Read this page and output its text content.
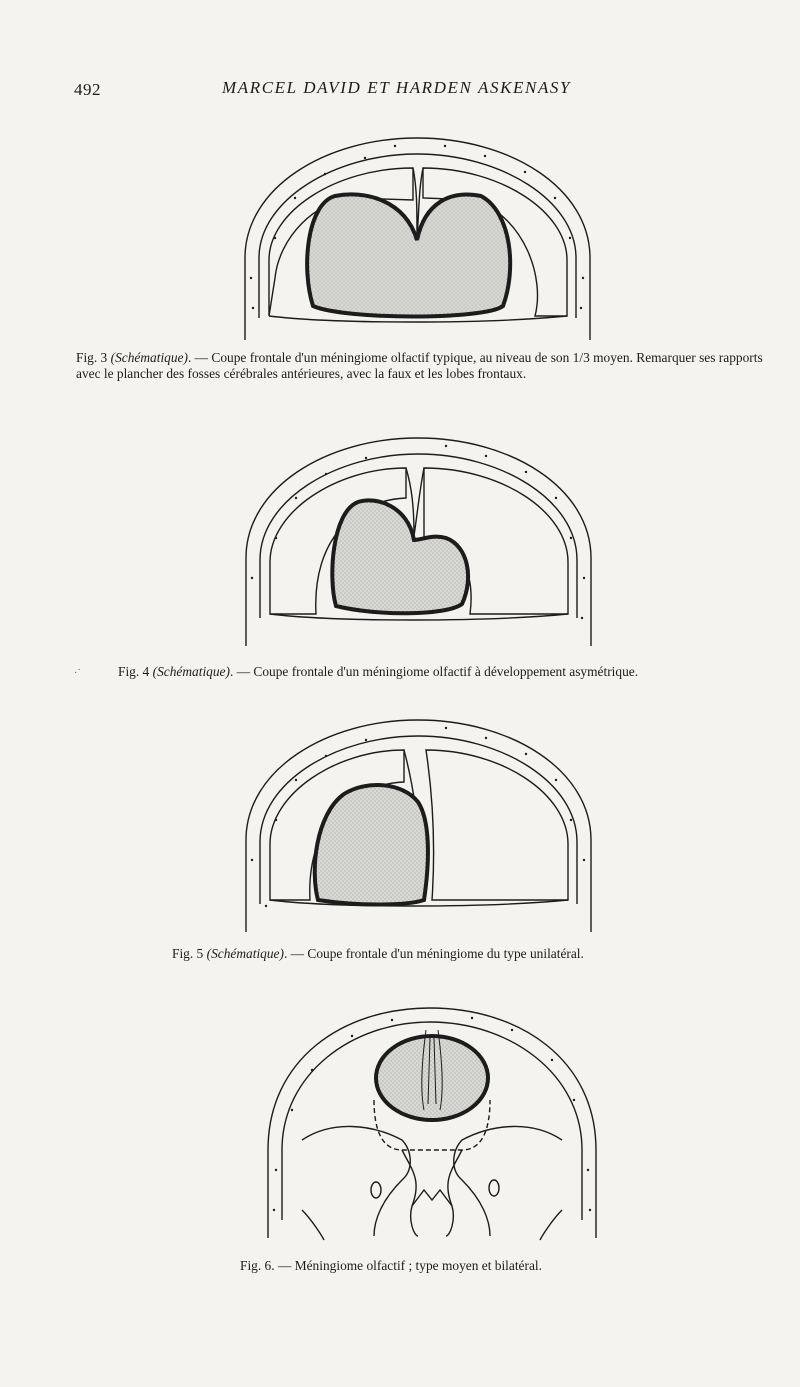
492	MARCEL DAVID ET HARDEN ASKENASY
Fig. 3 (Schématique). — Coupe frontale d'un méningiome olfactif typique, au niveau de son 1/3 moyen. Remarquer ses rapports avec le plancher des fosses cérébrales antérieures, avec la faux et les lobes frontaux.
·˙	Fig. 4 (Schématique). — Coupe frontale d'un méningiome olfactif à développement asymétrique.
Fig. 5 (Schématique). — Coupe frontale d'un méningiome du type unilatéral.
Fig. 6. — Méningiome olfactif ; type moyen et bilatéral.
